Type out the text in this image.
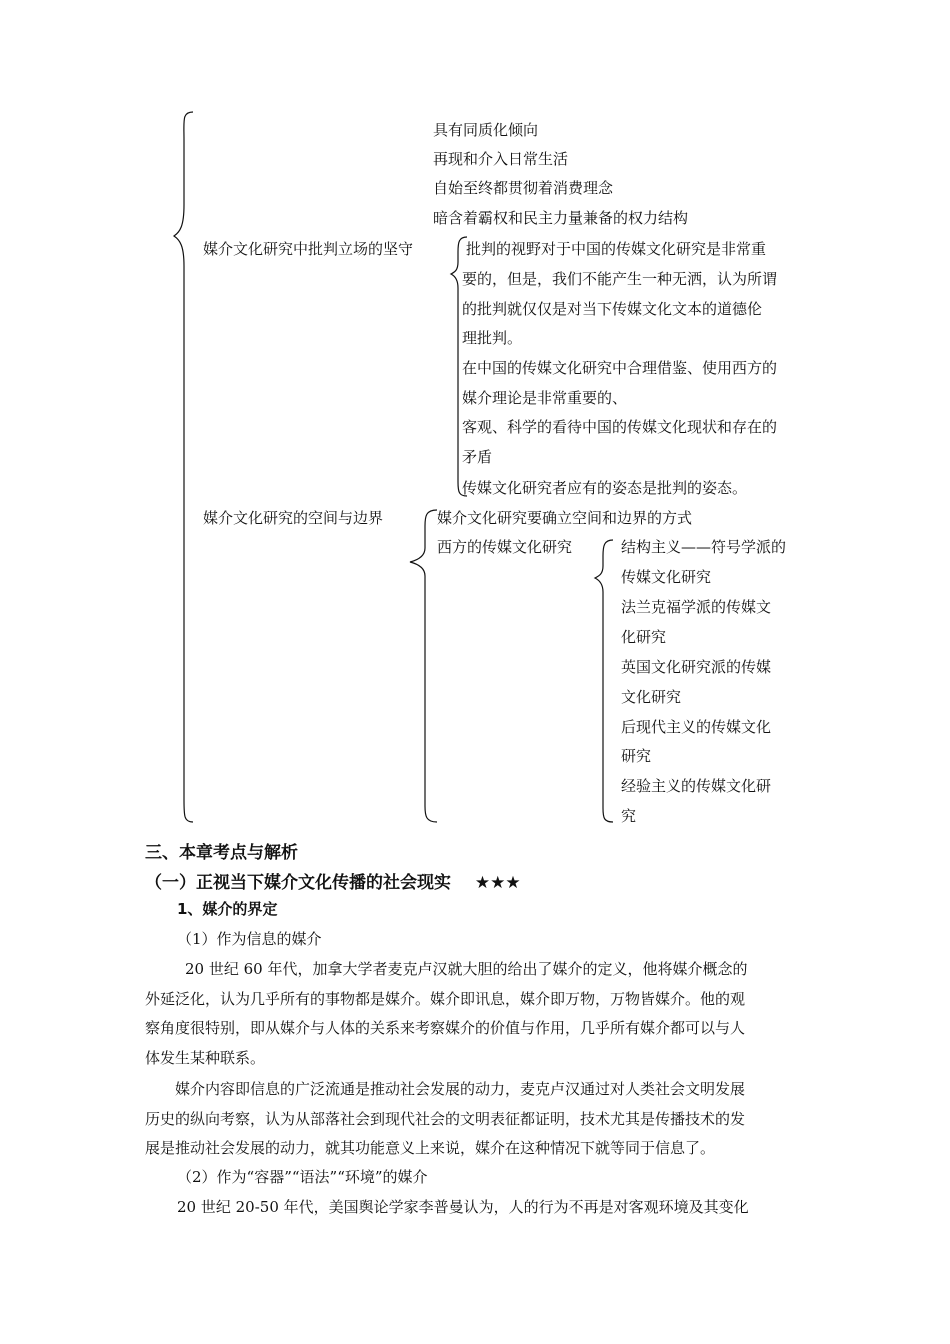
具有同质化倾向
再现和介入日常生活
自始至终都贯彻着消费理念
暗含着霸权和民主力量兼备的权力结构
媒介文化研究中批判立场的坚守	批判的视野对于中国的传媒文化研究是非常重
要的，但是，我们不能产生一种无洒，认为所谓
的批判就仅仅是对当下传媒文化文本的道德伦
理批判。
在中国的传媒文化研究中合理借鉴、使用西方的
媒介理论是非常重要的、
客观、科学的看待中国的传媒文化现状和存在的
矛盾
传媒文化研究者应有的姿态是批判的姿态。
媒介文化研究的空间与边界	媒介文化研究要确立空间和边界的方式
西方的传媒文化研究	结构主义——符号学派的
传媒文化研究
法兰克福学派的传媒文
化研究
英国文化研究派的传媒
文化研究
后现代主义的传媒文化
研究
经验主义的传媒文化研
究
三、本章考点与解析
（一）正视当下媒介文化传播的社会现实 ★★★
1、媒介的界定
（1）作为信息的媒介

20 世纪 60 年代，加拿大学者麦克卢汉就大胆的给出了媒介的定义，他将媒介概念的

外延泛化，认为几乎所有的事物都是媒介。媒介即讯息，媒介即万物，万物皆媒介。他的观

察角度很特别，即从媒介与人体的关系来考察媒介的价值与作用，几乎所有媒介都可以与人

体发生某种联系。

媒介内容即信息的广泛流通是推动社会发展的动力，麦克卢汉通过对人类社会文明发展

历史的纵向考察，认为从部落社会到现代社会的文明表征都证明，技术尤其是传播技术的发

展是推动社会发展的动力，就其功能意义上来说，媒介在这种情况下就等同于信息了。

（2）作为“容器”“语法”“环境”的媒介
20 世纪 20-50 年代，美国舆论学家李普曼认为，人的行为不再是对客观环境及其变化
